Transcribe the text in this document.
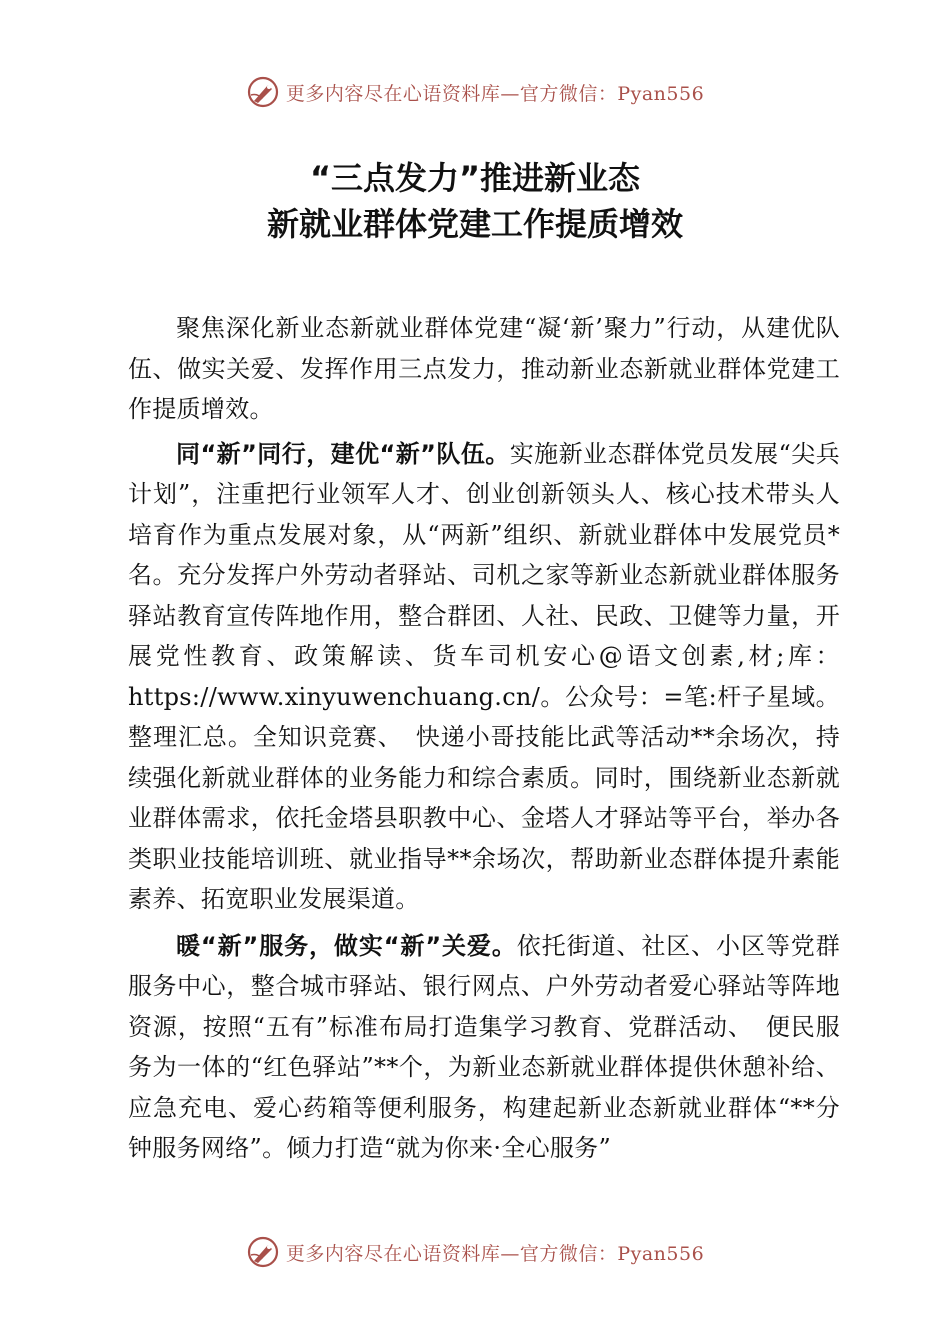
更多内容尽在心语资料库—官方微信：Pyan556
“三点发力”推进新业态
新就业群体党建工作提质增效

聚焦深化新业态新就业群体党建“凝‘新’聚力”行动，从建优队伍、做实关爱、发挥作用三点发力，推动新业态新就业群体党建工作提质增效。

同“新”同行，建优“新”队伍。实施新业态群体党员发展“尖兵计划”，注重把行业领军人才、创业创新领头人、核心技术带头人培育作为重点发展对象，从“两新”组织、新就业群体中发展党员*名。充分发挥户外劳动者驿站、司机之家等新业态新就业群体服务驿站教育宣传阵地作用，整合群团、人社、民政、卫健等力量，开展党性教育、政策解读、货车司机安心@语文创素,材;库：https://www.xinyuwenchuang.cn/。公众号：=笔:杆子星域。整理汇总。全知识竞赛、　快递小哥技能比武等活动**余场次，持续强化新就业群体的业务能力和综合素质。同时，围绕新业态新就业群体需求，依托金塔县职教中心、金塔人才驿站等平台，举办各类职业技能培训班、就业指导**余场次，帮助新业态群体提升素能素养、拓宽职业发展渠道。

暖“新”服务，做实“新”关爱。依托街道、社区、小区等党群服务中心，整合城市驿站、银行网点、户外劳动者爱心驿站等阵地资源，按照“五有”标准布局打造集学习教育、党群活动、　便民服务为一体的“红色驿站”**个，为新业态新就业群体提供休憩补给、应急充电、爱心药箱等便利服务，构建起新业态新就业群体“**分钟服务网络”。倾力打造“就为你来·全心服务”

更多内容尽在心语资料库—官方微信：Pyan556
